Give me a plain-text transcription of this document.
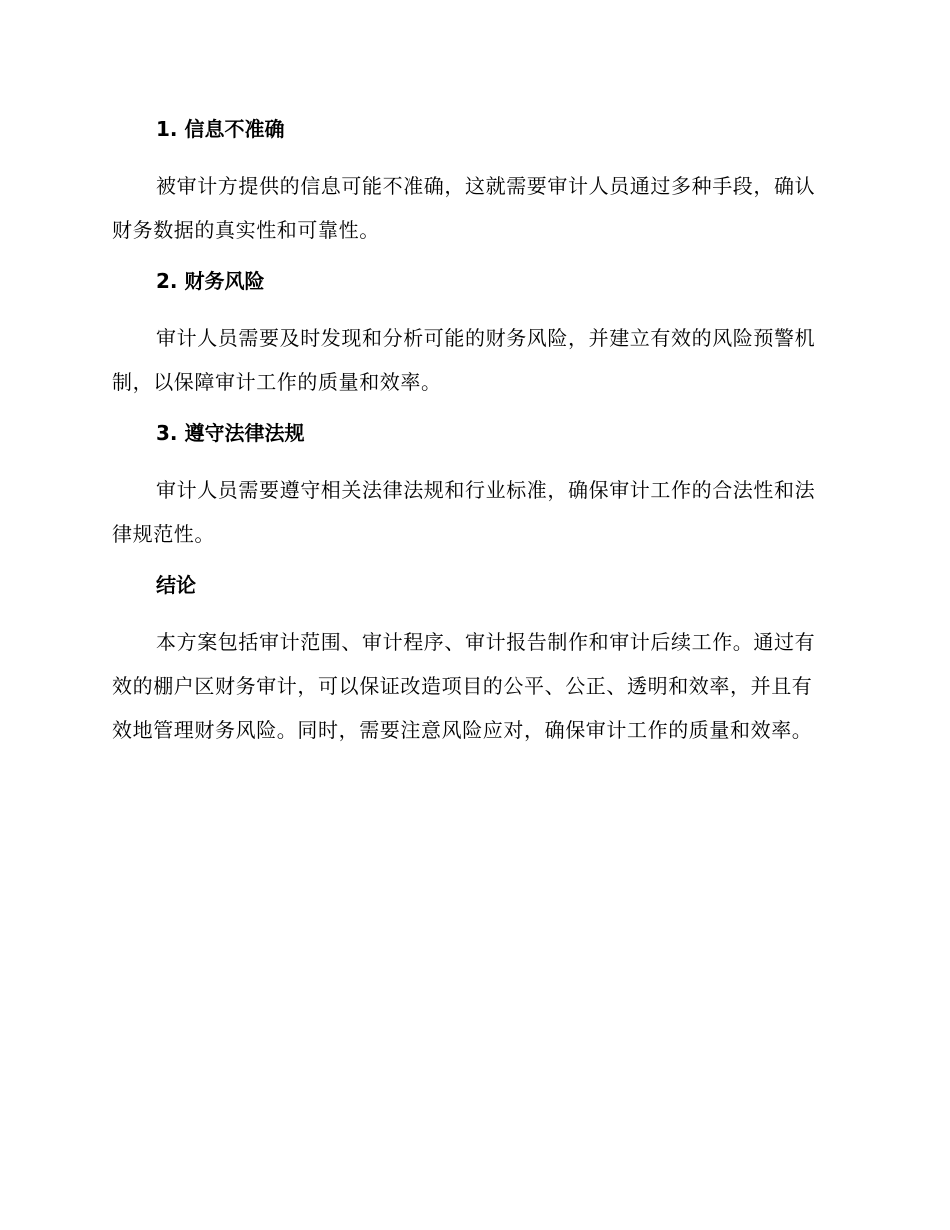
1. 信息不准确

被审计方提供的信息可能不准确，这就需要审计人员通过多种手段，确认财务数据的真实性和可靠性。

2. 财务风险

审计人员需要及时发现和分析可能的财务风险，并建立有效的风险预警机制，以保障审计工作的质量和效率。

3. 遵守法律法规

审计人员需要遵守相关法律法规和行业标准，确保审计工作的合法性和法律规范性。

结论

本方案包括审计范围、审计程序、审计报告制作和审计后续工作。通过有效的棚户区财务审计，可以保证改造项目的公平、公正、透明和效率，并且有效地管理财务风险。同时，需要注意风险应对，确保审计工作的质量和效率。
